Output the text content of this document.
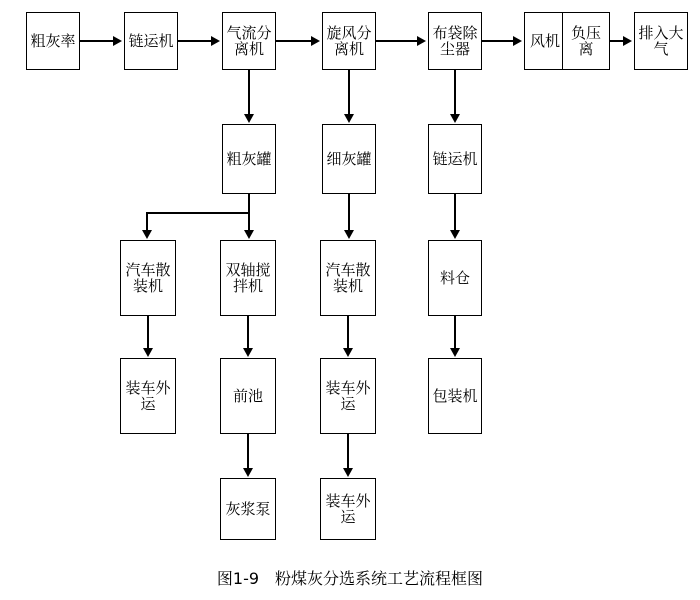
粗灰率	链运机	气流分离机
旋风分离机
布袋除尘器	风机 负压离
排入大气
粗灰罐	细灰罐	链运机
汽车散装机
双轴搅拌机
汽车散装机	料仓
装车外运	前池	装车外运	包装机
灰浆泵	装车外运
图1-9　粉煤灰分选系统工艺流程框图
